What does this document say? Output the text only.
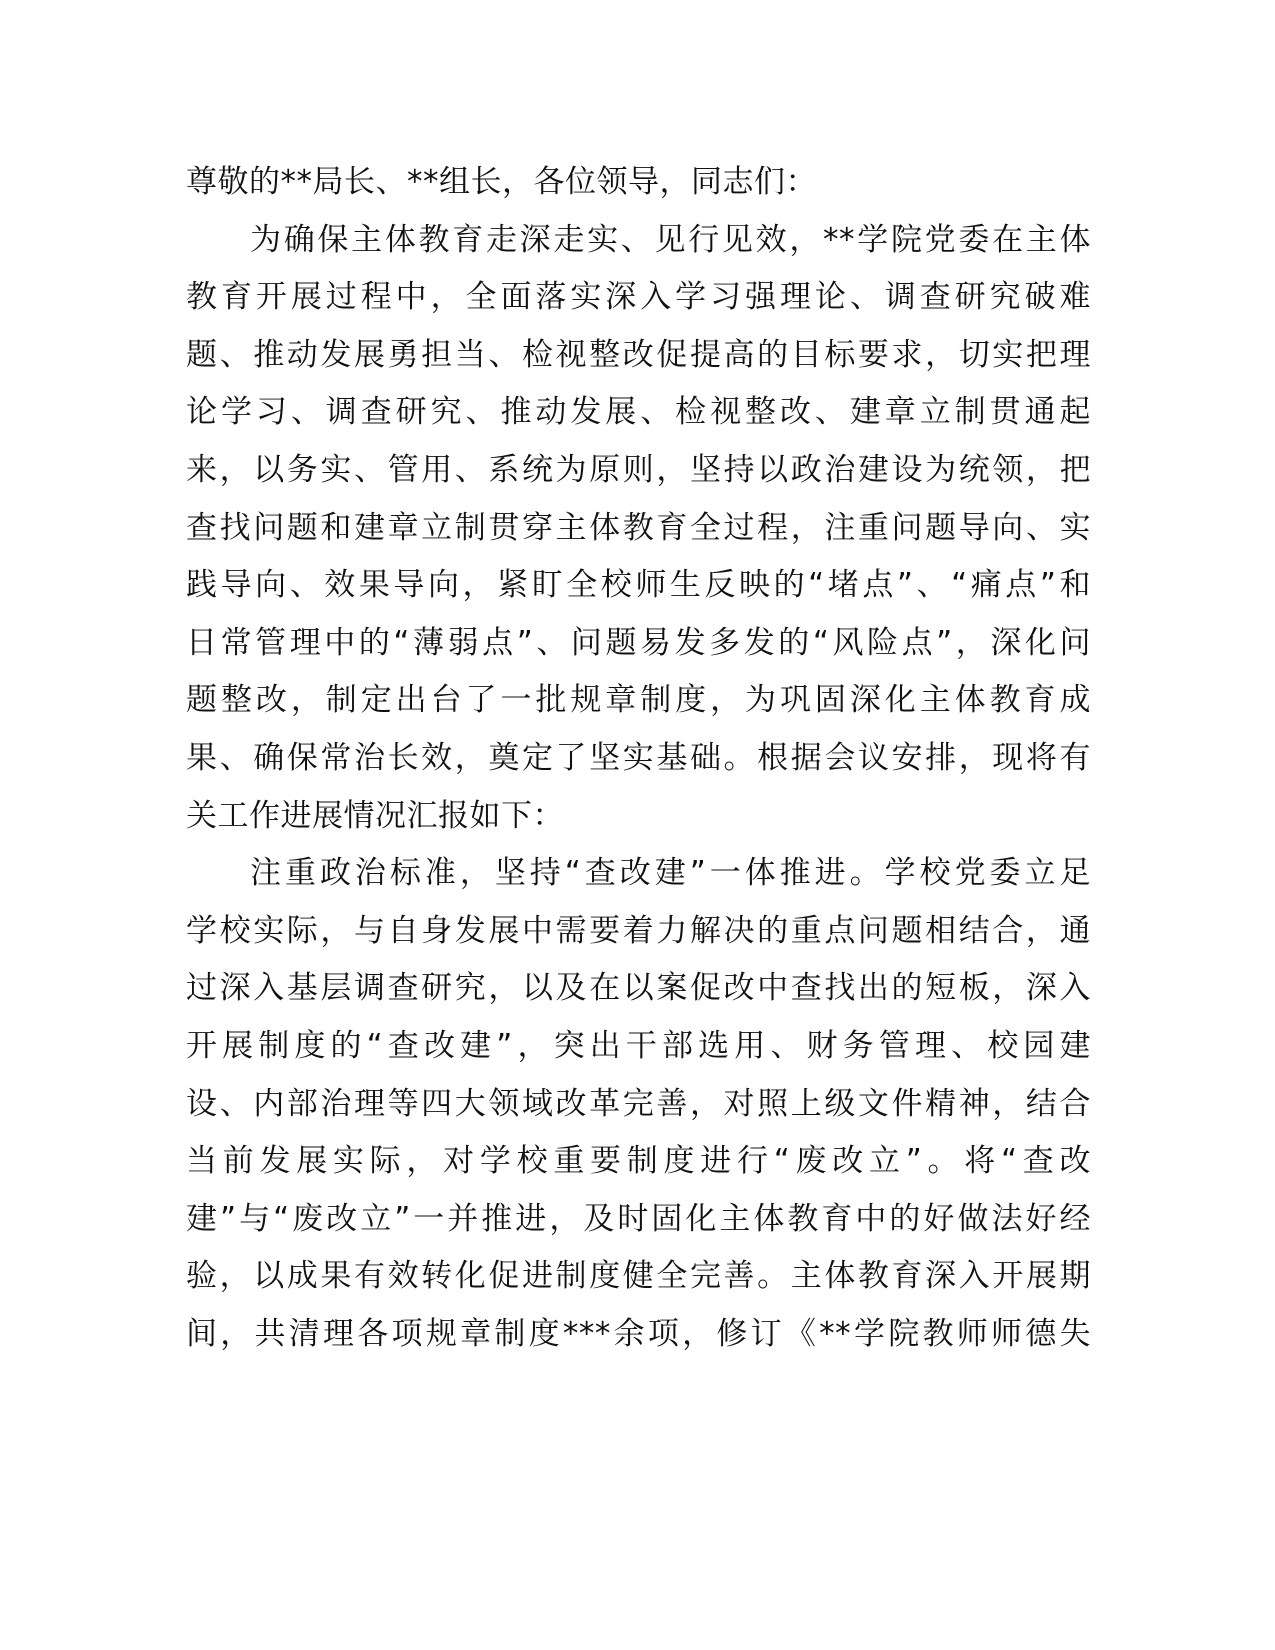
尊敬的**局长、**组长，各位领导，同志们：
为确保主体教育走深走实、见行见效，**学院党委在主体
教育开展过程中，全面落实深入学习强理论、调查研究破难
题、推动发展勇担当、检视整改促提高的目标要求，切实把理
论学习、调查研究、推动发展、检视整改、建章立制贯通起
来，以务实、管用、系统为原则，坚持以政治建设为统领，把
查找问题和建章立制贯穿主体教育全过程，注重问题导向、实
践导向、效果导向，紧盯全校师生反映的“堵点”、“痛点”和
日常管理中的“薄弱点”、问题易发多发的“风险点”，深化问
题整改，制定出台了一批规章制度，为巩固深化主体教育成
果、确保常治长效，奠定了坚实基础。根据会议安排，现将有
关工作进展情况汇报如下：
注重政治标准，坚持“查改建”一体推进。学校党委立足
学校实际，与自身发展中需要着力解决的重点问题相结合，通
过深入基层调查研究，以及在以案促改中查找出的短板，深入
开展制度的“查改建”，突出干部选用、财务管理、校园建
设、内部治理等四大领域改革完善，对照上级文件精神，结合
当前发展实际，对学校重要制度进行“废改立”。将“查改
建”与“废改立”一并推进，及时固化主体教育中的好做法好经
验，以成果有效转化促进制度健全完善。主体教育深入开展期
间，共清理各项规章制度***余项，修订《**学院教师师德失
